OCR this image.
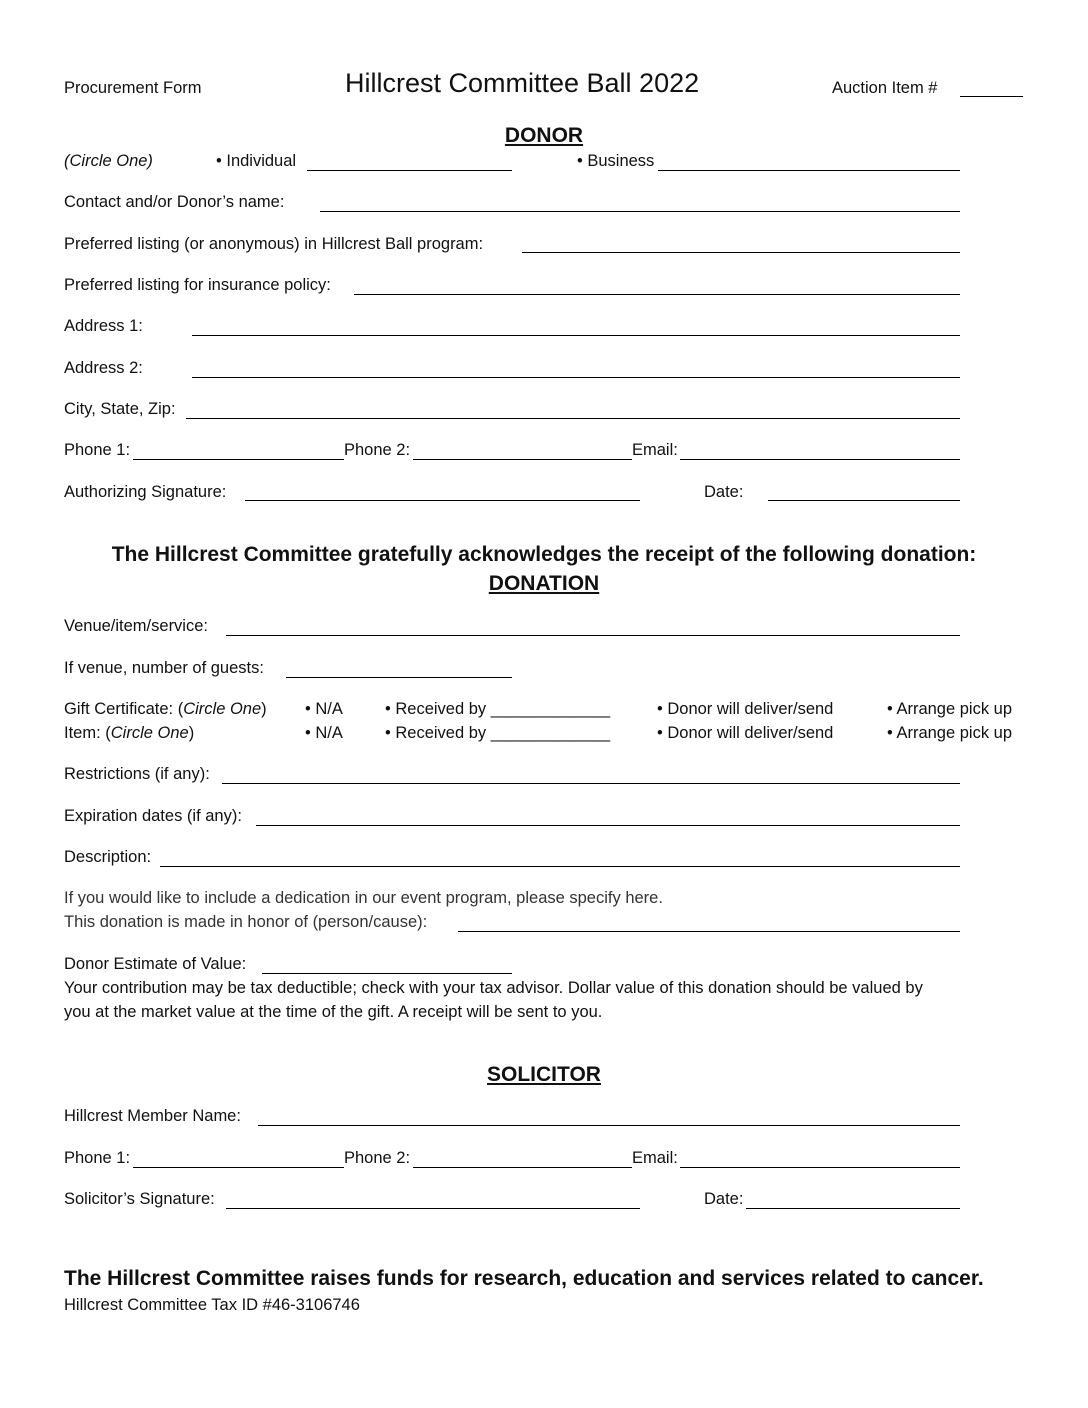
Procurement Form	Hillcrest Committee Ball 2022	Auction Item #
DONOR
(Circle One)	• Individual	• Business
Contact and/or Donor’s name:
Preferred listing (or anonymous) in Hillcrest Ball program:
Preferred listing for insurance policy:
Address 1:
Address 2:
City, State, Zip:
Phone 1:	Phone 2:	Email:
Authorizing Signature:	Date:
The Hillcrest Committee gratefully acknowledges the receipt of the following donation:
DONATION
Venue/item/service:
If venue, number of guests:
Gift Certificate: (Circle One) • N/A	• Received by _____________	• Donor will deliver/send	• Arrange pick up
Item: (Circle One)	• N/A	• Received by _____________	• Donor will deliver/send	• Arrange pick up
Restrictions (if any):
Expiration dates (if any):
Description:
If you would like to include a dedication in our event program, please specify here.
This donation is made in honor of (person/cause):
Donor Estimate of Value:
Your contribution may be tax deductible; check with your tax advisor. Dollar value of this donation should be valued by
you at the market value at the time of the gift. A receipt will be sent to you.
SOLICITOR
Hillcrest Member Name:
Phone 1:	Phone 2:	Email:
Solicitor’s Signature:	Date:
The Hillcrest Committee raises funds for research, education and services related to cancer.
Hillcrest Committee Tax ID #46-3106746
